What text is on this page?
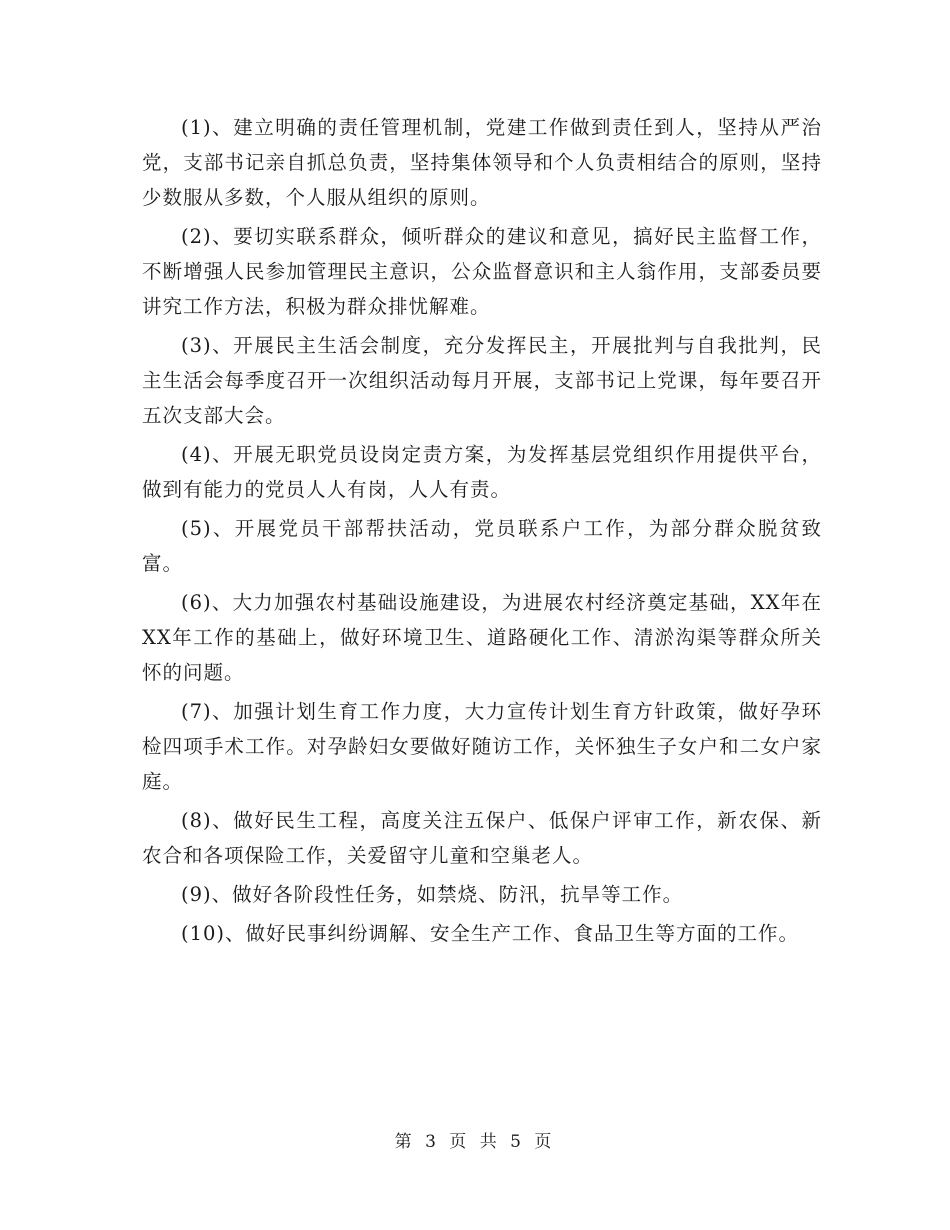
(1)、建立明确的责任管理机制，党建工作做到责任到人，坚持从严治党，支部书记亲自抓总负责，坚持集体领导和个人负责相结合的原则，坚持少数服从多数，个人服从组织的原则。

(2)、要切实联系群众，倾听群众的建议和意见，搞好民主监督工作，不断增强人民参加管理民主意识，公众监督意识和主人翁作用，支部委员要讲究工作方法，积极为群众排忧解难。

(3)、开展民主生活会制度，充分发挥民主，开展批判与自我批判，民主生活会每季度召开一次组织活动每月开展，支部书记上党课，每年要召开五次支部大会。

(4)、开展无职党员设岗定责方案，为发挥基层党组织作用提供平台，做到有能力的党员人人有岗，人人有责。

(5)、开展党员干部帮扶活动，党员联系户工作，为部分群众脱贫致富。

(6)、大力加强农村基础设施建设，为进展农村经济奠定基础，XX年在XX年工作的基础上，做好环境卫生、道路硬化工作、清淤沟渠等群众所关怀的问题。

(7)、加强计划生育工作力度，大力宣传计划生育方针政策，做好孕环检四项手术工作。对孕龄妇女要做好随访工作，关怀独生子女户和二女户家庭。

(8)、做好民生工程，高度关注五保户、低保户评审工作，新农保、新农合和各项保险工作，关爱留守儿童和空巢老人。

(9)、做好各阶段性任务，如禁烧、防汛，抗旱等工作。

(10)、做好民事纠纷调解、安全生产工作、食品卫生等方面的工作。

第 3 页 共 5 页
